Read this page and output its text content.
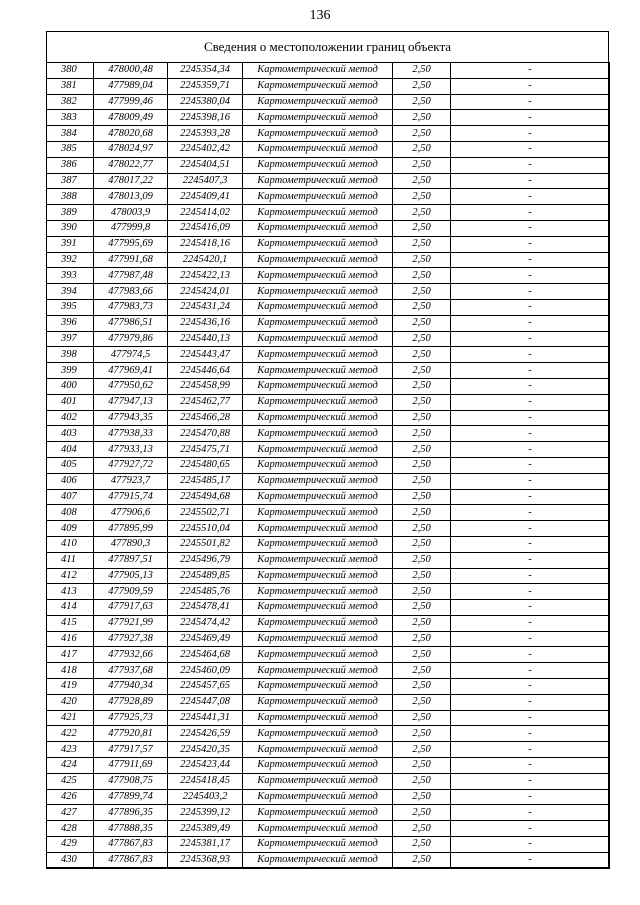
136
Сведения о местоположении границ объекта
380	478000,48	2245354,34	Картометрический метод	2,50	-
381	477989,04	2245359,71	Картометрический метод	2,50	-
382	477999,46	2245380,04	Картометрический метод	2,50	-
383	478009,49	2245398,16	Картометрический метод	2,50	-
384	478020,68	2245393,28	Картометрический метод	2,50	-
385	478024,97	2245402,42	Картометрический метод	2,50	-
386	478022,77	2245404,51	Картометрический метод	2,50	-
387	478017,22	2245407,3	Картометрический метод	2,50	-
388	478013,09	2245409,41	Картометрический метод	2,50	-
389	478003,9	2245414,02	Картометрический метод	2,50	-
390	477999,8	2245416,09	Картометрический метод	2,50	-
391	477995,69	2245418,16	Картометрический метод	2,50	-
392	477991,68	2245420,1	Картометрический метод	2,50	-
393	477987,48	2245422,13	Картометрический метод	2,50	-
394	477983,66	2245424,01	Картометрический метод	2,50	-
395	477983,73	2245431,24	Картометрический метод	2,50	-
396	477986,51	2245436,16	Картометрический метод	2,50	-
397	477979,86	2245440,13	Картометрический метод	2,50	-
398	477974,5	2245443,47	Картометрический метод	2,50	-
399	477969,41	2245446,64	Картометрический метод	2,50	-
400	477950,62	2245458,99	Картометрический метод	2,50	-
401	477947,13	2245462,77	Картометрический метод	2,50	-
402	477943,35	2245466,28	Картометрический метод	2,50	-
403	477938,33	2245470,88	Картометрический метод	2,50	-
404	477933,13	2245475,71	Картометрический метод	2,50	-
405	477927,72	2245480,65	Картометрический метод	2,50	-
406	477923,7	2245485,17	Картометрический метод	2,50	-
407	477915,74	2245494,68	Картометрический метод	2,50	-
408	477906,6	2245502,71	Картометрический метод	2,50	-
409	477895,99	2245510,04	Картометрический метод	2,50	-
410	477890,3	2245501,82	Картометрический метод	2,50	-
411	477897,51	2245496,79	Картометрический метод	2,50	-
412	477905,13	2245489,85	Картометрический метод	2,50	-
413	477909,59	2245485,76	Картометрический метод	2,50	-
414	477917,63	2245478,41	Картометрический метод	2,50	-
415	477921,99	2245474,42	Картометрический метод	2,50	-
416	477927,38	2245469,49	Картометрический метод	2,50	-
417	477932,66	2245464,68	Картометрический метод	2,50	-
418	477937,68	2245460,09	Картометрический метод	2,50	-
419	477940,34	2245457,65	Картометрический метод	2,50	-
420	477928,89	2245447,08	Картометрический метод	2,50	-
421	477925,73	2245441,31	Картометрический метод	2,50	-
422	477920,81	2245426,59	Картометрический метод	2,50	-
423	477917,57	2245420,35	Картометрический метод	2,50	-
424	477911,69	2245423,44	Картометрический метод	2,50	-
425	477908,75	2245418,45	Картометрический метод	2,50	-
426	477899,74	2245403,2	Картометрический метод	2,50	-
427	477896,35	2245399,12	Картометрический метод	2,50	-
428	477888,35	2245389,49	Картометрический метод	2,50	-
429	477867,83	2245381,17	Картометрический метод	2,50	-
430	477867,83	2245368,93	Картометрический метод	2,50	-
